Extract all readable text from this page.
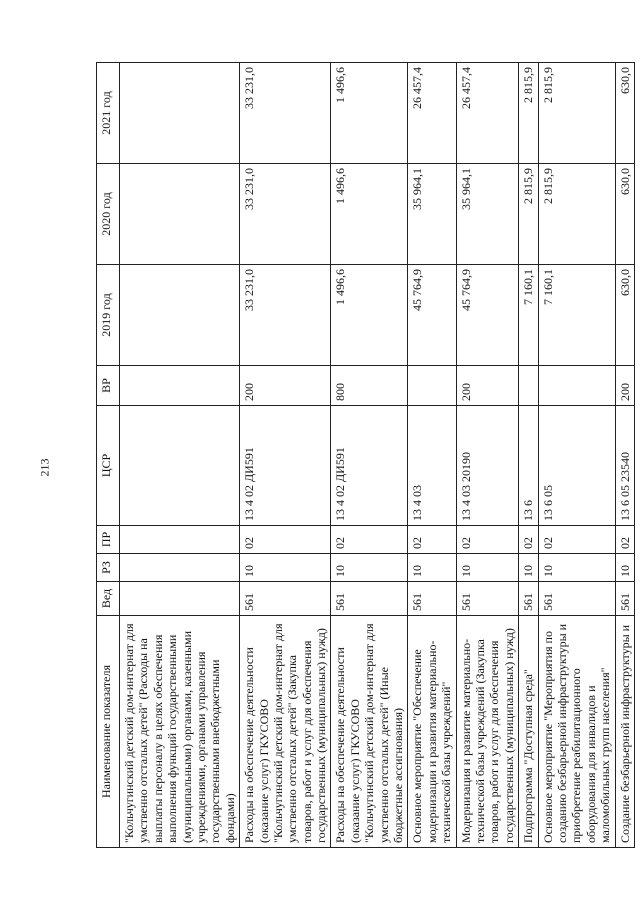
213
Наименование показателя	Вед	РЗ	ПР	ЦСР	ВР	2019 год	2020 год	2021 год
"Кольчугинский детский дом-интернат для умственно отсталых детей" (Расходы на выплаты персоналу в целях обеспечения выполнения функций государственными (муниципальными) органами, казенными учреждениями, органами управления государственными внебюджетными фондами)								
Расходы на обеспечение деятельности (оказание услуг) ГКУСОВО "Кольчугинский детский дом-интернат для умственно отсталых детей" (Закупка товаров, работ и услуг для обеспечения государственных (муниципальных) нужд)	561	10	02	13 4 02 ДИ591	200	33 231,0	33 231,0	33 231,0
Расходы на обеспечение деятельности (оказание услуг) ГКУСОВО "Кольчугинский детский дом-интернат для умственно отсталых детей" (Иные бюджетные ассигнования)	561	10	02	13 4 02 ДИ591	800	1 496,6	1 496,6	1 496,6
Основное мероприятие "Обеспечение модернизации и развития материально-технической базы учреждений"	561	10	02	13 4 03		45 764,9	35 964,1	26 457,4
Модернизация и развитие материально-технической базы учреждений (Закупка товаров, работ и услуг для обеспечения государственных (муниципальных) нужд)	561	10	02	13 4 03 20190	200	45 764,9	35 964,1	26 457,4
Подпрограмма "Доступная среда"	561	10	02	13 6		7 160,1	2 815,9	2 815,9
Основное мероприятие "Мероприятия по созданию безбарьерной инфраструктуры и приобретение реабилитационного оборудования для инвалидов и маломобильных групп населения"	561	10	02	13 6 05		7 160,1	2 815,9	2 815,9
Создание безбарьерной инфраструктуры и	561	10	02	13 6 05 23540	200	630,0	630,0	630,0
